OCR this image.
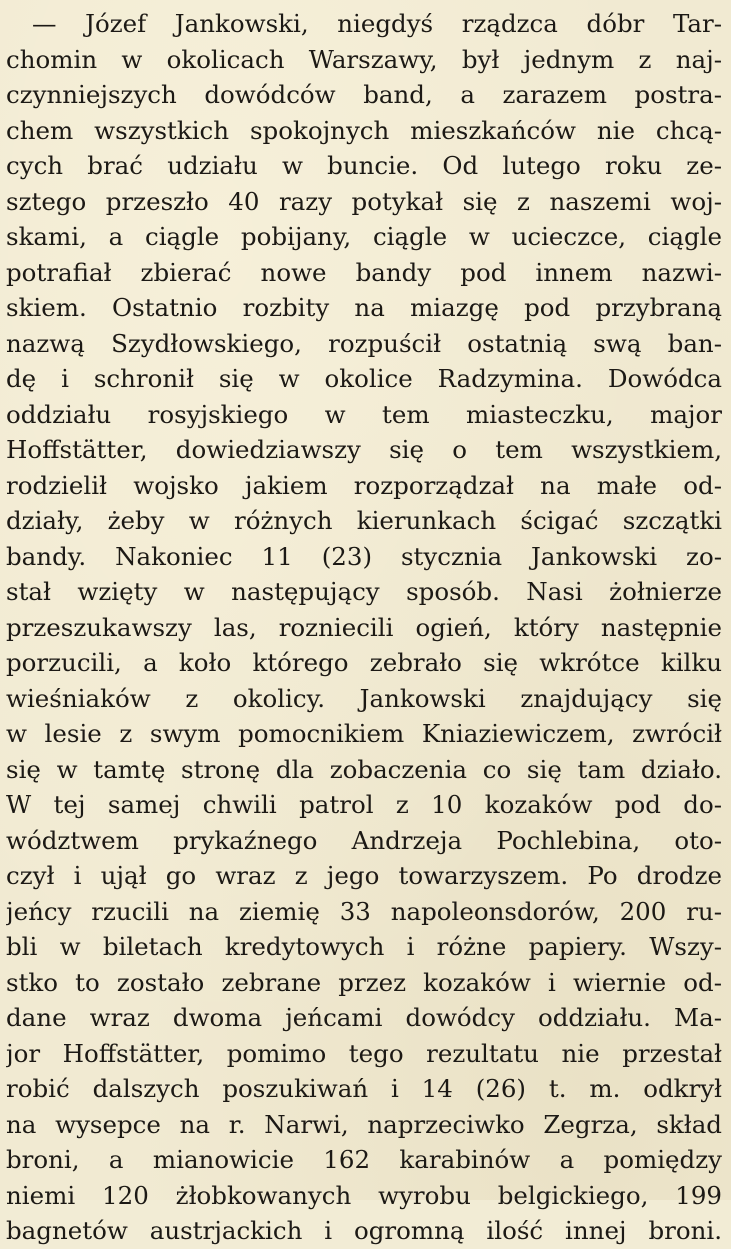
— Józef Jankowski, niegdyś rządzca dóbr Tar-
chomin w okolicach Warszawy, był jednym z naj-
czynniejszych dowódców band, a zarazem postra-
chem wszystkich spokojnych mieszkańców nie chcą-
cych brać udziału w buncie. Od lutego roku ze-
sztego przeszło 40 razy potykał się z naszemi woj-
skami, a ciągle pobijany, ciągle w ucieczce, ciągle
potrafiał zbierać nowe bandy pod innem nazwi-
skiem. Ostatnio rozbity na miazgę pod przybraną
nazwą Szydłowskiego, rozpuścił ostatnią swą ban-
dę i schronił się w okolice Radzymina. Dowódca
oddziału rosyjskiego w tem miasteczku, major
Hoffstätter, dowiedziawszy się o tem wszystkiem,
rodzielił wojsko jakiem rozporządzał na małe od-
działy, żeby w różnych kierunkach ścigać szczątki
bandy. Nakoniec 11 (23) stycznia Jankowski zo-
stał wzięty w następujący sposób. Nasi żołnierze
przeszukawszy las, rozniecili ogień, który następnie
porzucili, a koło którego zebrało się wkrótce kilku
wieśniaków z okolicy. Jankowski znajdujący się
w lesie z swym pomocnikiem Kniaziewiczem, zwrócił
się w tamtę stronę dla zobaczenia co się tam działo.
W tej samej chwili patrol z 10 kozaków pod do-
wództwem prykaźnego Andrzeja Pochlebina, oto-
czył i ujął go wraz z jego towarzyszem. Po drodze
jeńcy rzucili na ziemię 33 napoleonsdorów, 200 ru-
bli w biletach kredytowych i różne papiery. Wszy-
stko to zostało zebrane przez kozaków i wiernie od-
dane wraz dwoma jeńcami dowódcy oddziału. Ma-
jor Hoffstätter, pomimo tego rezultatu nie przestał
robić dalszych poszukiwań i 14 (26) t. m. odkrył
na wysepce na r. Narwi, naprzeciwko Zegrza, skład
broni, a mianowicie 162 karabinów a pomiędzy
niemi 120 żłobkowanych wyrobu belgickiego, 199
bagnetów austrjackich i ogromną ilość innej broni.
